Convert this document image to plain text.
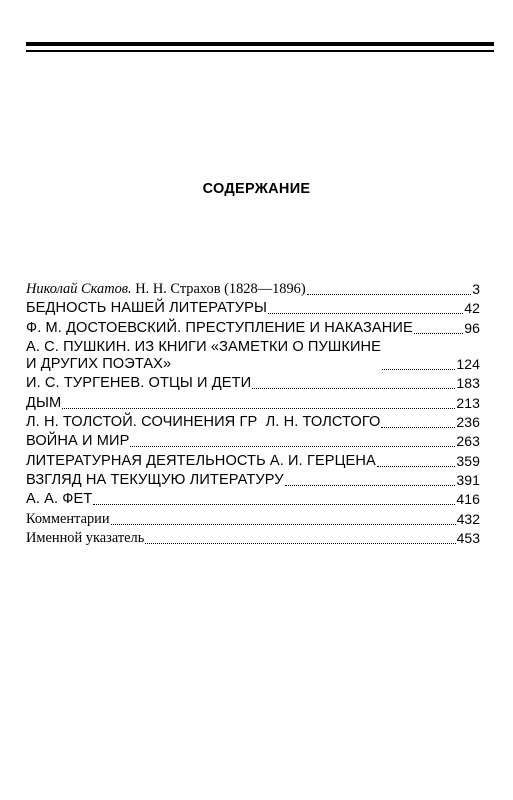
СОДЕРЖАНИЕ
Николай Скатов. Н. Н. Страхов (1828—1896)	3
БЕДНОСТЬ НАШЕЙ ЛИТЕРАТУРЫ	42
Ф. М. ДОСТОЕВСКИЙ. ПРЕСТУПЛЕНИЕ И НАКАЗАНИЕ	96
А. С. ПУШКИН. ИЗ КНИГИ «ЗАМЕТКИ О ПУШКИНЕ
И ДРУГИХ ПОЭТАХ»	124
И. С. ТУРГЕНЕВ. ОТЦЫ И ДЕТИ	183
ДЫМ	213
Л. Н. ТОЛСТОЙ. СОЧИНЕНИЯ ГР  Л. Н. ТОЛСТОГО	236
ВОЙНА И МИР	263
ЛИТЕРАТУРНАЯ ДЕЯТЕЛЬНОСТЬ А. И. ГЕРЦЕНА	359
ВЗГЛЯД НА ТЕКУЩУЮ ЛИТЕРАТУРУ	391
А. А. ФЕТ	416
Комментарии	432
Именной указатель	453
